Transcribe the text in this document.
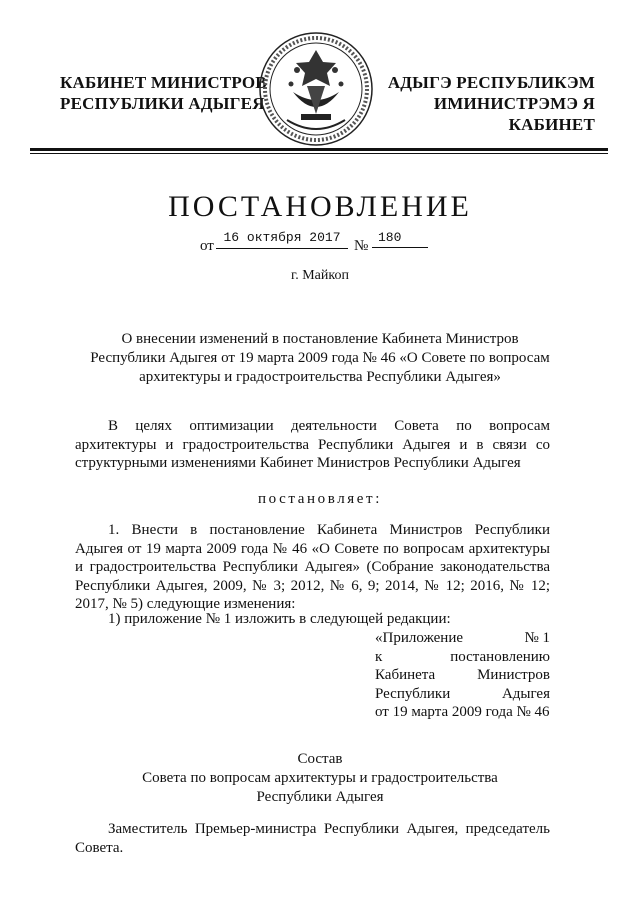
КАБИНЕТ МИНИСТРОВ
РЕСПУБЛИКИ АДЫГЕЯ
АДЫГЭ РЕСПУБЛИКЭМ
ИМИНИСТРЭМЭ Я КАБИНЕТ
ПОСТАНОВЛЕНИЕ
от
16 октября 2017
№
180
г. Майкоп
О внесении изменений в постановление Кабинета Министров
Республики Адыгея от 19 марта 2009 года № 46 «О Совете по вопросам
архитектуры и градостроительства Республики Адыгея»
В целях оптимизации деятельности Совета по вопросам архитектуры и градостроительства Республики Адыгея и в связи со структурными изменениями Кабинет Министров Республики Адыгея
постановляет:
1. Внести в постановление Кабинета Министров Республики Адыгея от 19 марта 2009 года № 46 «О Совете по вопросам архитектуры и градостроительства Республики Адыгея» (Собрание законодательства Республики Адыгея, 2009, № 3; 2012, № 6, 9; 2014, № 12; 2016, № 12; 2017, № 5) следующие изменения:
1) приложение № 1 изложить в следующей редакции:
«Приложение	№ 1
к	постановлению
Кабинета	Министров
Республики	Адыгея
от 19 марта 2009 года № 46
Состав
Совета по вопросам архитектуры и градостроительства
Республики Адыгея
Заместитель Премьер-министра Республики Адыгея, председатель Совета.
